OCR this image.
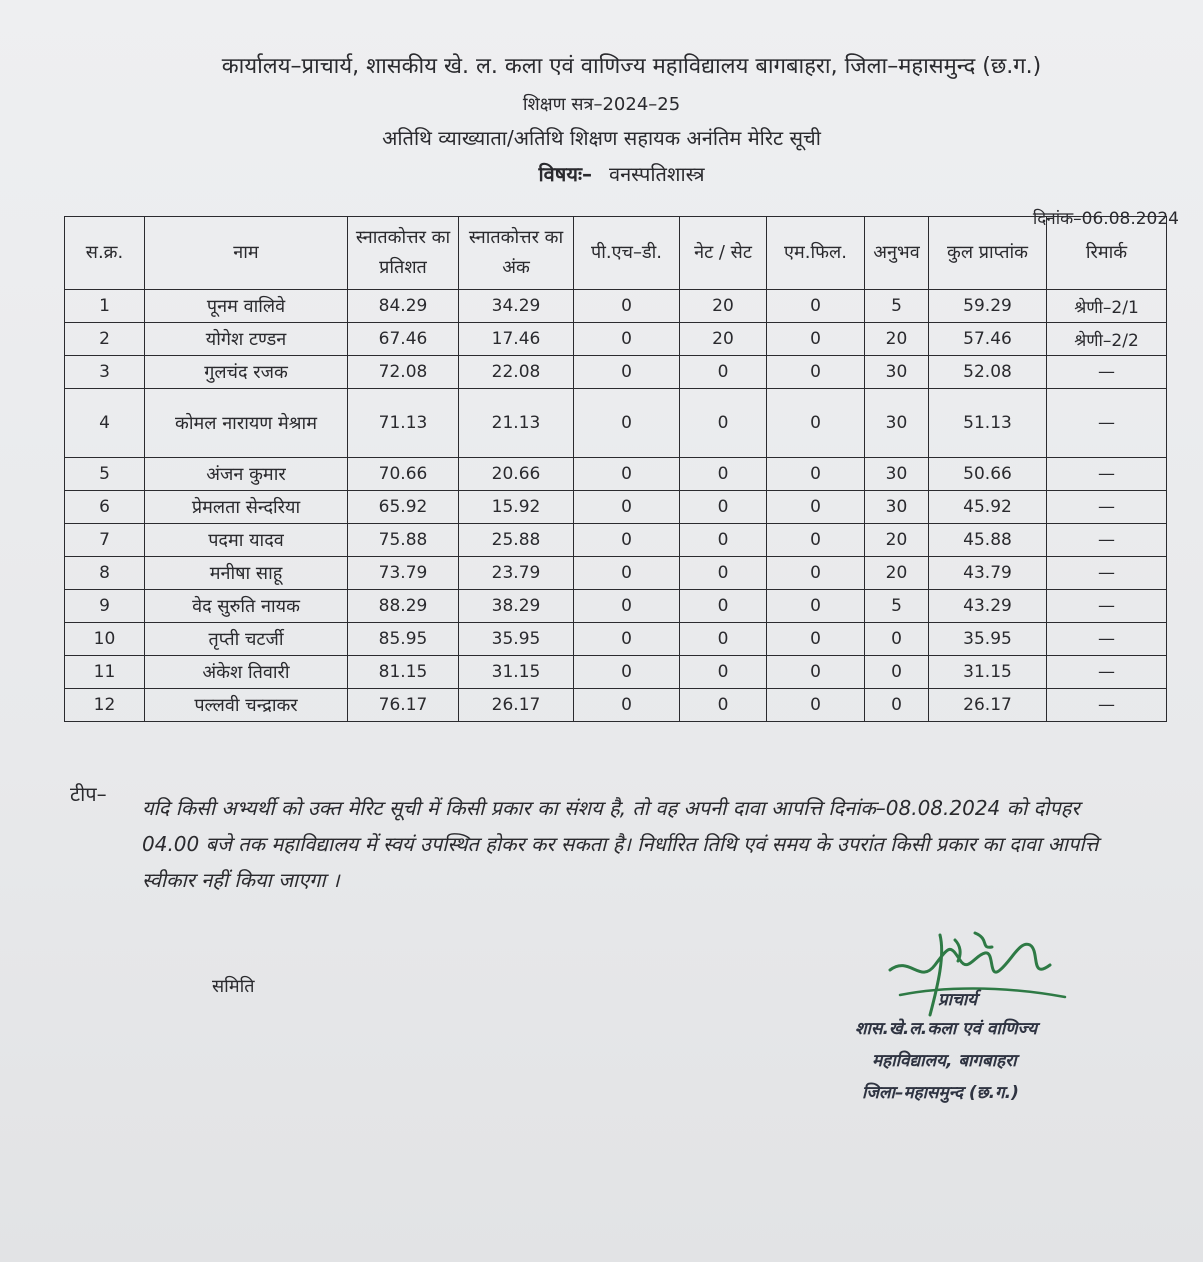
कार्यालय–प्राचार्य, शासकीय खे. ल. कला एवं वाणिज्य महाविद्यालय बागबाहरा, जिला–महासमुन्द (छ.ग.)
शिक्षण सत्र–2024–25
अतिथि व्याख्याता/अतिथि शिक्षण सहायक अनंतिम मेरिट सूची
विषयः– वनस्पतिशास्त्र
दिनांक–06.08.2024
स.क्र.	नाम	स्नातकोत्तर का प्रतिशत	स्नातकोत्तर का अंक	पी.एच–डी.	नेट / सेट	एम.फिल.	अनुभव	कुल प्राप्तांक	रिमार्क
1	पूनम वालिवे	84.29	34.29	0	20	0	5	59.29	श्रेणी–2/1
2	योगेश टण्डन	67.46	17.46	0	20	0	20	57.46	श्रेणी–2/2
3	गुलचंद रजक	72.08	22.08	0	0	0	30	52.08	—
4	कोमल नारायण मेश्राम	71.13	21.13	0	0	0	30	51.13	—
5	अंजन कुमार	70.66	20.66	0	0	0	30	50.66	—
6	प्रेमलता सेन्दरिया	65.92	15.92	0	0	0	30	45.92	—
7	पदमा यादव	75.88	25.88	0	0	0	20	45.88	—
8	मनीषा साहू	73.79	23.79	0	0	0	20	43.79	—
9	वेद सुरुति नायक	88.29	38.29	0	0	0	5	43.29	—
10	तृप्ती चटर्जी	85.95	35.95	0	0	0	0	35.95	—
11	अंकेश तिवारी	81.15	31.15	0	0	0	0	31.15	—
12	पल्लवी चन्द्राकर	76.17	26.17	0	0	0	0	26.17	—
टीप–
यदि किसी अभ्यर्थी को उक्त मेरिट सूची में किसी प्रकार का संशय है, तो वह अपनी दावा आपत्ति दिनांक–08.08.2024 को दोपहर 04.00 बजे तक महाविद्यालय में स्वयं उपस्थित होकर कर सकता है। निर्धारित तिथि एवं समय के उपरांत किसी प्रकार का दावा आपत्ति स्वीकार नहीं किया जाएगा ।
समिति
प्राचार्य
शास.खे.ल.कला एवं वाणिज्य
महाविद्यालय, बागबाहरा
जिला–महासमुन्द (छ.ग.)
